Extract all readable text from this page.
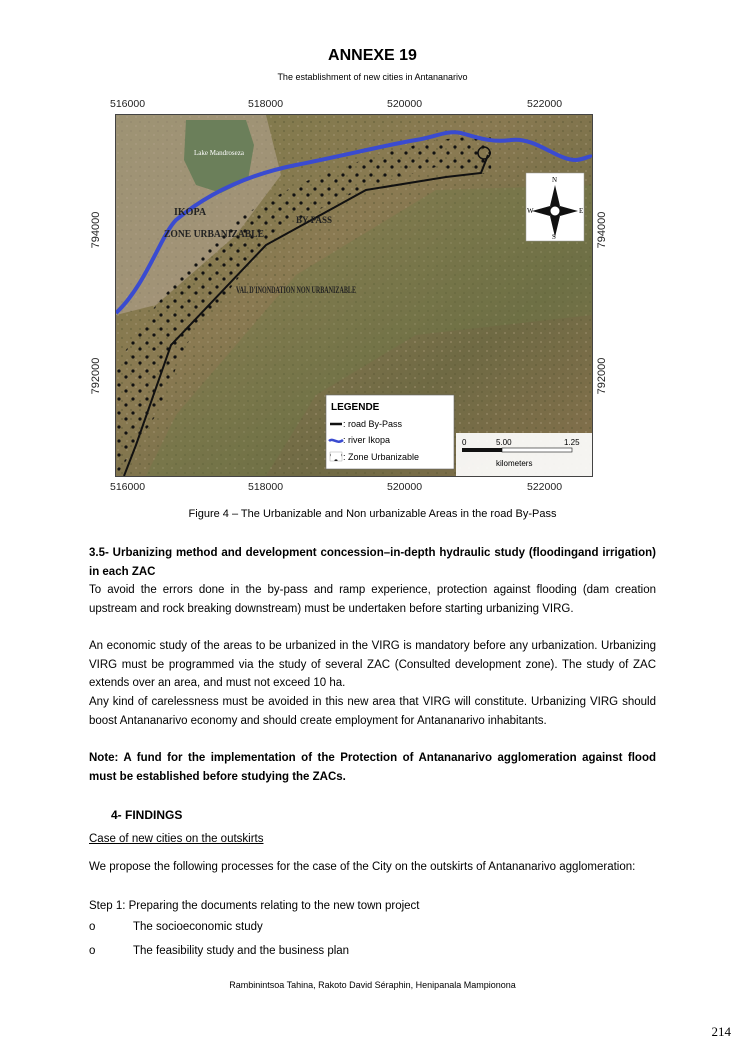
ANNEXE 19
The establishment of new cities in Antananarivo
516000	518000	520000	522000
516000	518000	520000	522000
794000
792000
794000
792000
Lake Mandroseza
IKOPA
ZONE URBANIZABLE
BY-PASS
VAL D'INONDATION NON URBANIZABLE
N
S
E
W
LEGENDE
: road By-Pass
: river Ikopa
: Zone Urbanizable
0	5.00	1.25
kilometers
Figure 4 – The Urbanizable and Non urbanizable Areas in the road By-Pass
3.5- Urbanizing method and development concession–in-depth hydraulic study (floodingand irrigation) in each ZAC
To avoid the errors done in the by-pass and ramp experience, protection against flooding (dam creation upstream and rock breaking downstream) must be undertaken before starting urbanizing VIRG.
An economic study of the areas to be urbanized in the VIRG is mandatory before any urbanization. Urbanizing VIRG must be programmed via the study of several ZAC (Consulted development zone). The study of ZAC extends over an area, and must not exceed 10 ha.
Any kind of carelessness must be avoided in this new area that VIRG will constitute. Urbanizing VIRG should boost Antananarivo economy and should create employment for Antananarivo inhabitants.
Note: A fund for the implementation of the Protection of Antananarivo agglomeration against flood must be established before studying the ZACs.
4- FINDINGS
Case of new cities on the outskirts
We propose the following processes for the case of the City on the outskirts of Antananarivo agglomeration:
Step 1: Preparing the documents relating to the new town project
o	The socioeconomic study
o	The feasibility study and the business plan
Rambinintsoa Tahina, Rakoto David Séraphin, Henipanala Mampionona
214
